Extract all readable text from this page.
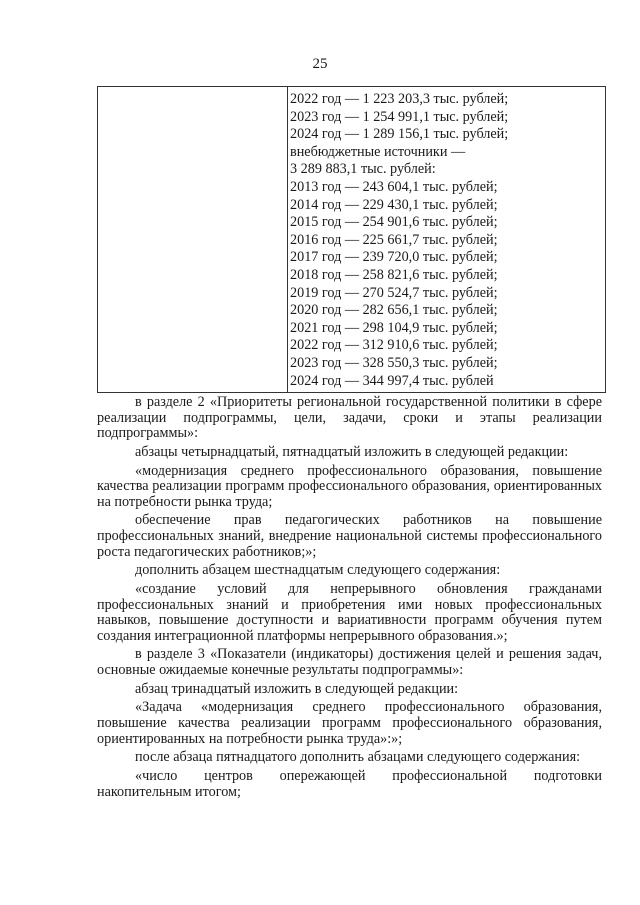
25
2022 год — 1 223 203,3 тыс. рублей;
2023 год — 1 254 991,1 тыс. рублей;
2024 год — 1 289 156,1 тыс. рублей;
внебюджетные источники —
3 289 883,1 тыс. рублей:
2013 год — 243 604,1 тыс. рублей;
2014 год — 229 430,1 тыс. рублей;
2015 год — 254 901,6 тыс. рублей;
2016 год — 225 661,7 тыс. рублей;
2017 год — 239 720,0 тыс. рублей;
2018 год — 258 821,6 тыс. рублей;
2019 год — 270 524,7 тыс. рублей;
2020 год — 282 656,1 тыс. рублей;
2021 год — 298 104,9 тыс. рублей;
2022 год — 312 910,6 тыс. рублей;
2023 год — 328 550,3 тыс. рублей;
2024 год — 344 997,4 тыс. рублей

в разделе 2 «Приоритеты региональной государственной политики в сфере реализации подпрограммы, цели, задачи, сроки и этапы реализации подпрограммы»:

абзацы четырнадцатый, пятнадцатый изложить в следующей редакции:

«модернизация среднего профессионального образования, повышение качества реализации программ профессионального образования, ориентированных на потребности рынка труда;

обеспечение прав педагогических работников на повышение профессиональных знаний, внедрение национальной системы профессионального роста педагогических работников;»;

дополнить абзацем шестнадцатым следующего содержания:

«создание условий для непрерывного обновления гражданами профессиональных знаний и приобретения ими новых профессиональных навыков, повышение доступности и вариативности программ обучения путем создания интеграционной платформы непрерывного образования.»;

в разделе 3 «Показатели (индикаторы) достижения целей и решения задач, основные ожидаемые конечные результаты подпрограммы»:

абзац тринадцатый изложить в следующей редакции:

«Задача «модернизация среднего профессионального образования, повышение качества реализации программ профессионального образования, ориентированных на потребности рынка труда»:»;

после абзаца пятнадцатого дополнить абзацами следующего содержания:

«число центров опережающей профессиональной подготовки накопительным итогом;
